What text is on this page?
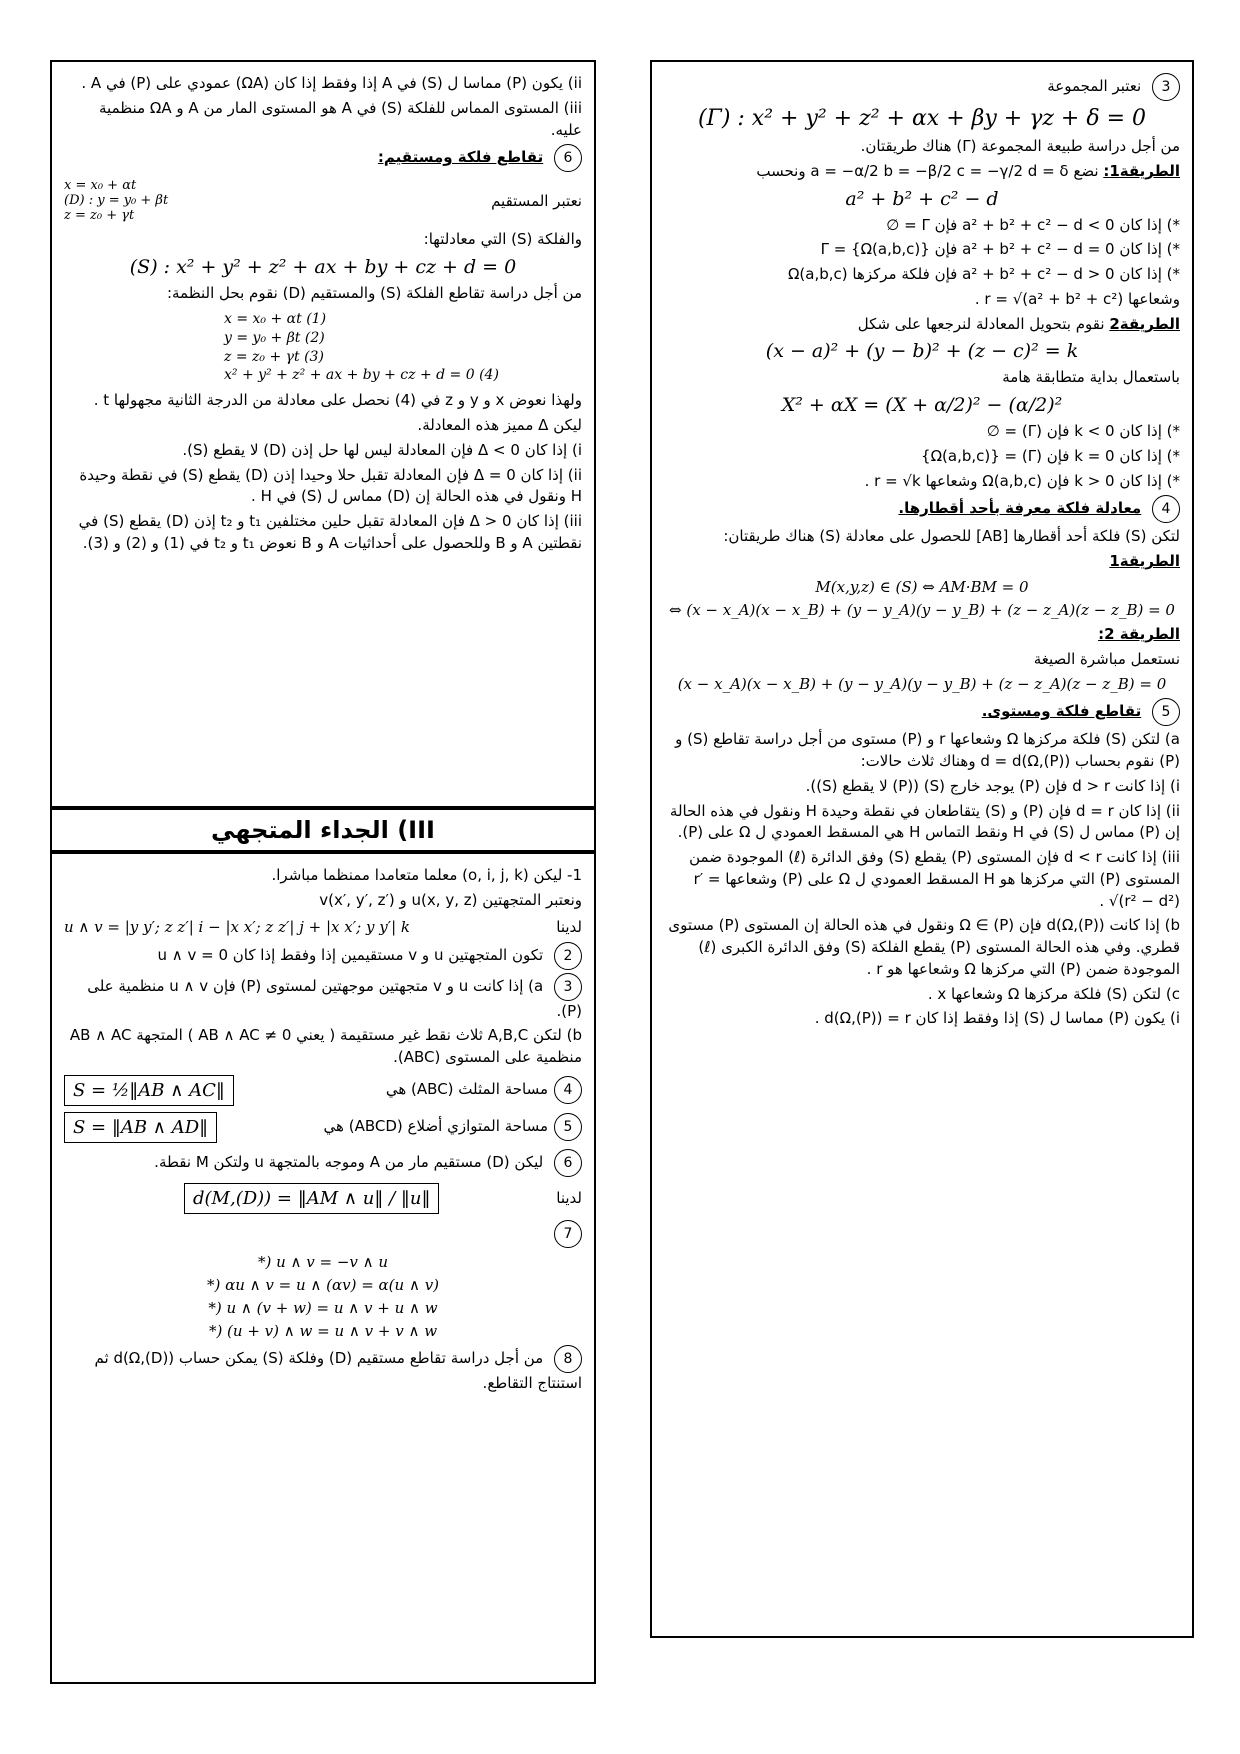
3 نعتبر المجموعة
(Γ) : x² + y² + z² + αx + βy + γz + δ = 0
من أجل دراسة طبيعة المجموعة (Γ) هناك طريقتان.
الطريقة1: نضع a = −α/2 b = −β/2 c = −γ/2 d = δ ونحسب
a² + b² + c² − d
*) إذا كان a² + b² + c² − d < 0 فإن Γ = ∅
*) إذا كان a² + b² + c² − d = 0 فإن Γ = {Ω(a,b,c)}
*) إذا كان a² + b² + c² − d > 0 فإن فلكة مركزها Ω(a,b,c)
وشعاعها r = √(a² + b² + c²) .
الطريقة2 نقوم بتحويل المعادلة لنرجعها على شكل
(x − a)² + (y − b)² + (z − c)² = k
باستعمال بداية متطابقة هامة
X² + αX = (X + α/2)² − (α/2)²
*) إذا كان k < 0 فإن (Γ) = ∅
*) إذا كان k = 0 فإن (Γ) = {Ω(a,b,c)}
*) إذا كان k > 0 فإن Ω(a,b,c) وشعاعها r = √k .
4 معادلة فلكة معرفة بأحد أقطارها.
لتكن (S) فلكة أحد أقطارها [AB] للحصول على معادلة (S) هناك طريقتان:
الطريقة1
M(x,y,z) ∈ (S) ⇔ AM·BM = 0
⇔ (x − x_A)(x − x_B) + (y − y_A)(y − y_B) + (z − z_A)(z − z_B) = 0
الطريقة 2:
نستعمل مباشرة الصيغة
(x − x_A)(x − x_B) + (y − y_A)(y − y_B) + (z − z_A)(z − z_B) = 0
5 تقاطع فلكة ومستوى.
a) لتكن (S) فلكة مركزها Ω وشعاعها r و (P) مستوى من أجل دراسة تقاطع (S) و (P) نقوم بحساب d = d(Ω,(P)) وهناك ثلاث حالات:
i) إذا كانت d > r فإن (P) يوجد خارج (S) ((P) لا يقطع (S)).
ii) إذا كان d = r فإن (P) و (S) يتقاطعان في نقطة وحيدة H ونقول في هذه الحالة إن (P) مماس ل (S) في H ونقط التماس H هي المسقط العمودي ل Ω على (P).
iii) إذا كانت d < r فإن المستوى (P) يقطع (S) وفق الدائرة (ℓ) الموجودة ضمن المستوى (P) التي مركزها هو H المسقط العمودي ل Ω على (P) وشعاعها r′ = √(r² − d²) .
b) إذا كانت d(Ω,(P)) فإن Ω ∈ (P) ونقول في هذه الحالة إن المستوى (P) مستوى قطري. وفي هذه الحالة المستوى (P) يقطع الفلكة (S) وفق الدائرة الكبرى (ℓ) الموجودة ضمن (P) التي مركزها Ω وشعاعها هو r .
c) لتكن (S) فلكة مركزها Ω وشعاعها x .
i) يكون (P) مماسا ل (S) إذا وفقط إذا كان d(Ω,(P)) = r .
ii) يكون (P) مماسا ل (S) في A إذا وفقط إذا كان (ΩA) عمودي على (P) في A .
iii) المستوى المماس للفلكة (S) في A هو المستوى المار من A و ΩA منظمية عليه.
6 تقاطع فلكة ومستقيم:
نعتبر المستقيم
x = x₀ + αt
(D) : y = y₀ + βt
z = z₀ + γt
والفلكة (S) التي معادلتها:
(S) : x² + y² + z² + ax + by + cz + d = 0
من أجل دراسة تقاطع الفلكة (S) والمستقيم (D) نقوم بحل النظمة:
x = x₀ + αt (1)
y = y₀ + βt (2)
z = z₀ + γt (3)
x² + y² + z² + ax + by + cz + d = 0 (4)
ولهذا نعوض x و y و z في (4) نحصل على معادلة من الدرجة الثانية مجهولها t .
ليكن Δ مميز هذه المعادلة.
i) إذا كان Δ < 0 فإن المعادلة ليس لها حل إذن (D) لا يقطع (S).
ii) إذا كان Δ = 0 فإن المعادلة تقبل حلا وحيدا إذن (D) يقطع (S) في نقطة وحيدة H ونقول في هذه الحالة إن (D) مماس ل (S) في H .
iii) إذا كان Δ > 0 فإن المعادلة تقبل حلين مختلفين t₁ و t₂ إذن (D) يقطع (S) في نقطتين A و B وللحصول على أحداثيات A و B نعوض t₁ و t₂ في (1) و (2) و (3).
III) الجداء المتجهي
1- ليكن (o, i, j, k) معلما متعامدا ممنظما مباشرا.
ونعتبر المتجهتين u(x, y, z) و v(x′, y′, z′)
لدينا
u ∧ v = |y y′; z z′| i − |x x′; z z′| j + |x x′; y y′| k
2 تكون المتجهتين u و v مستقيمين إذا وفقط إذا كان u ∧ v = 0
3 a) إذا كانت u و v متجهتين موجهتين لمستوى (P) فإن u ∧ v منظمية على (P).
b) لتكن A,B,C ثلاث نقط غير مستقيمة ( يعني AB ∧ AC ≠ 0 ) المتجهة AB ∧ AC منظمية على المستوى (ABC).
4مساحة المثلث (ABC) هي
S = ½‖AB ∧ AC‖
5مساحة المتوازي أضلاع (ABCD) هي
S = ‖AB ∧ AD‖
6 ليكن (D) مستقيم مار من A وموجه بالمتجهة u ولتكن M نقطة.
لدينا
d(M,(D)) = ‖AM ∧ u‖ / ‖u‖
7
*) u ∧ v = −v ∧ u
*) αu ∧ v = u ∧ (αv) = α(u ∧ v)
*) u ∧ (v + w) = u ∧ v + u ∧ w
*) (u + v) ∧ w = u ∧ v + v ∧ w
8 من أجل دراسة تقاطع مستقيم (D) وفلكة (S) يمكن حساب d(Ω,(D)) ثم استنتاج التقاطع.
